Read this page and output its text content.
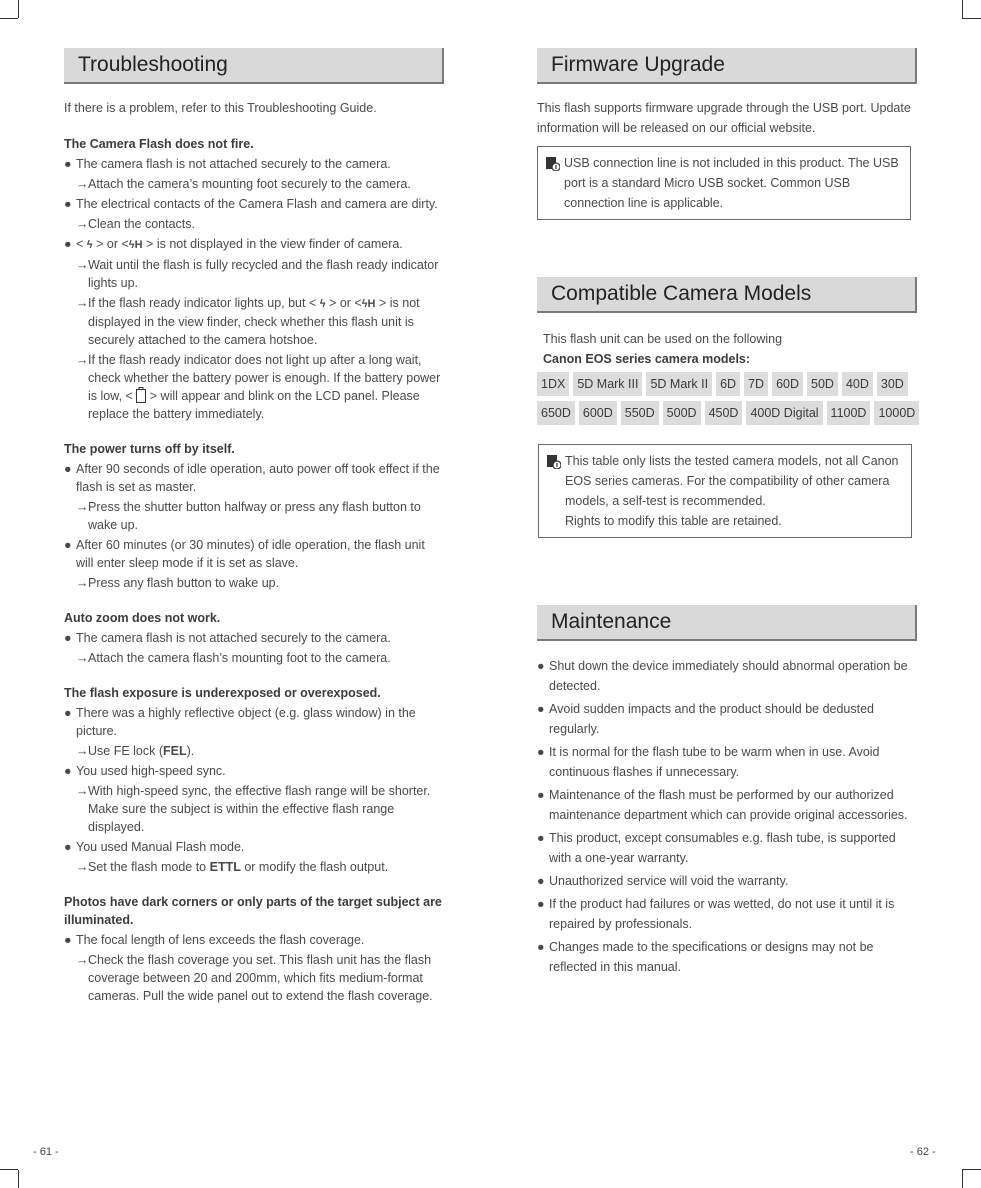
Troubleshooting
If there is a problem, refer to this Troubleshooting Guide.
The Camera Flash does not fire.
● The camera flash is not attached securely to the camera.
→Attach the camera’s mounting foot securely to the camera.
● The electrical contacts of the Camera Flash and camera are dirty.
→Clean the contacts.
● < ϟ > or <ϟH > is not displayed in the view finder of camera.
→Wait until the flash is fully recycled and the flash ready indicator lights up.
→If the flash ready indicator lights up, but < ϟ > or <ϟH > is not displayed in the view finder, check whether this flash unit is securely attached to the camera hotshoe.
→If the flash ready indicator does not light up after a long wait, check whether the battery power is enough. If the battery power is low, < > will appear and blink on the LCD panel. Please replace the battery immediately.
The power turns off by itself.
● After 90 seconds of idle operation, auto power off took effect if the flash is set as master.
→Press the shutter button halfway or press any flash button to wake up.
● After 60 minutes (or 30 minutes) of idle operation, the flash unit will enter sleep mode if it is set as slave.
→Press any flash button to wake up.
Auto zoom does not work.
● The camera flash is not attached securely to the camera.
→Attach the camera flash’s mounting foot to the camera.
The flash exposure is underexposed or overexposed.
● There was a highly reflective object (e.g. glass window) in the picture.
→Use FE lock (FEL).
● You used high-speed sync.
→With high-speed sync, the effective flash range will be shorter. Make sure the subject is within the effective flash range displayed.
● You used Manual Flash mode.
→Set the flash mode to ETTL or modify the flash output.
Photos have dark corners or only parts of the target subject are illuminated.
● The focal length of lens exceeds the flash coverage.
→Check the flash coverage you set. This flash unit has the flash coverage between 20 and 200mm, which fits medium-format cameras. Pull the wide panel out to extend the flash coverage.
Firmware Upgrade

This flash supports firmware upgrade through the USB port. Update information will be released on our official website.

USB connection line is not included in this product. The USB port is a standard Micro USB socket. Common USB connection line is applicable.
Compatible Camera Models
This flash unit can be used on the following
Canon EOS series camera models:
1DX 5D Mark III 5D Mark II 6D 7D 60D 50D 40D 30D
650D 600D 550D 500D 450D 400D Digital 1100D 1000D
This table only lists the tested camera models, not all Canon EOS series cameras. For the compatibility of other camera models, a self-test is recommended.
Rights to modify this table are retained.
Maintenance
● Shut down the device immediately should abnormal operation be detected.
● Avoid sudden impacts and the product should be dedusted regularly.
● It is normal for the flash tube to be warm when in use. Avoid continuous flashes if unnecessary.
● Maintenance of the flash must be performed by our authorized maintenance department which can provide original accessories.
● This product, except consumables e.g. flash tube, is supported with a one-year warranty.
● Unauthorized service will void the warranty.
● If the product had failures or was wetted, do not use it until it is repaired by professionals.
● Changes made to the specifications or designs may not be reflected in this manual.
- 61 -	- 62 -
